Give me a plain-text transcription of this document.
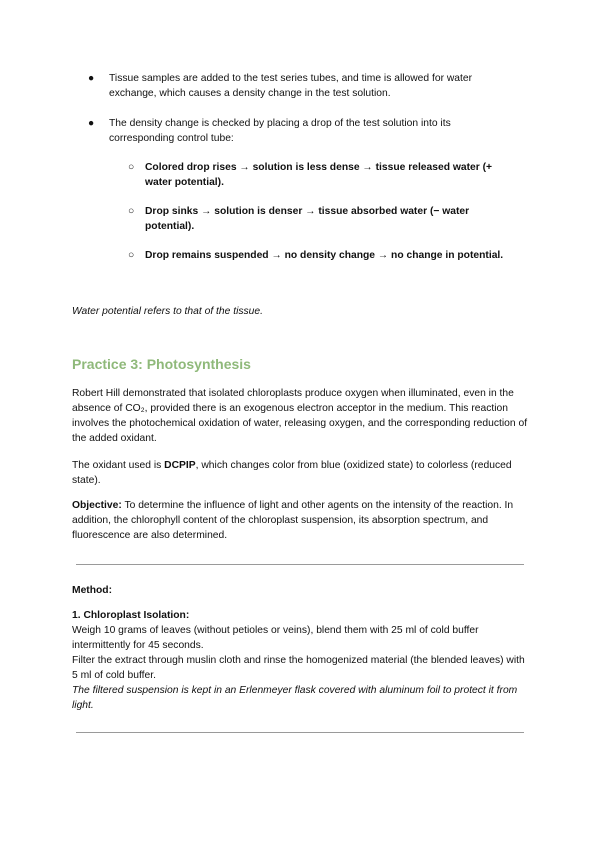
●	Tissue samples are added to the test series tubes, and time is allowed for water exchange, which causes a density change in the test solution.
●	The density change is checked by placing a drop of the test solution into its corresponding control tube:
○ Colored drop rises → solution is less dense → tissue released water (+ water potential).
○ Drop sinks → solution is denser → tissue absorbed water (− water potential).
○ Drop remains suspended → no density change → no change in potential.

Water potential refers to that of the tissue.

Practice 3: Photosynthesis

Robert Hill demonstrated that isolated chloroplasts produce oxygen when illuminated, even in the absence of CO₂, provided there is an exogenous electron acceptor in the medium. This reaction involves the photochemical oxidation of water, releasing oxygen, and the corresponding reduction of the added oxidant.

The oxidant used is DCPIP, which changes color from blue (oxidized state) to colorless (reduced state).

Objective: To determine the influence of light and other agents on the intensity of the reaction. In addition, the chlorophyll content of the chloroplast suspension, its absorption spectrum, and fluorescence are also determined.

Method:

1. Chloroplast Isolation:

Weigh 10 grams of leaves (without petioles or veins), blend them with 25 ml of cold buffer intermittently for 45 seconds.

Filter the extract through muslin cloth and rinse the homogenized material (the blended leaves) with 5 ml of cold buffer.

The filtered suspension is kept in an Erlenmeyer flask covered with aluminum foil to protect it from light.
